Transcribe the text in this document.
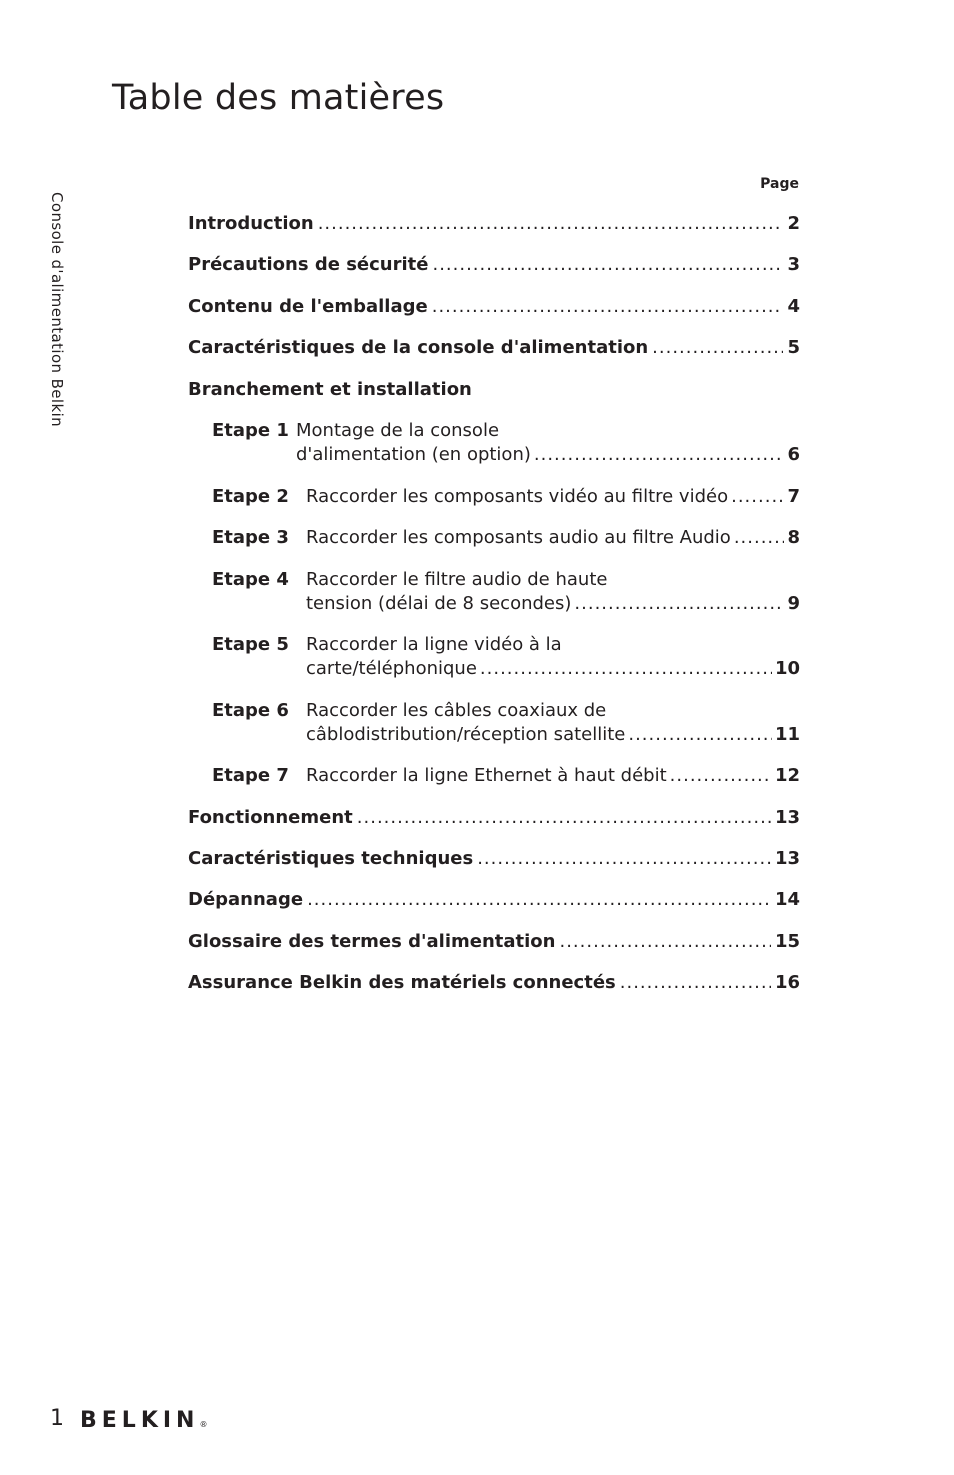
Table des matières
Console d'alimentation Belkin
Page
Introduction .....	2
Précautions de sécurité .....	3
Contenu de l'emballage .....	4
Caractéristiques de la console d'alimentation .....	5
Branchement et installation
Etape 1 Montage de la console
d'alimentation (en option) .....	6
Etape 2 Raccorder les composants vidéo au filtre vidéo .....	7
Etape 3 Raccorder les composants audio au filtre Audio .....	8
Etape 4 Raccorder le filtre audio de haute
tension (délai de 8 secondes) .....	9
Etape 5 Raccorder la ligne vidéo à la
carte/téléphonique .....	10
Etape 6 Raccorder les câbles coaxiaux de
câblodistribution/réception satellite .....	11
Etape 7 Raccorder la ligne Ethernet à haut débit .....	12
Fonctionnement .....	13
Caractéristiques techniques .....	13
Dépannage .....	14
Glossaire des termes d'alimentation .....	15
Assurance Belkin des matériels connectés .....	16
1 BELKIN®
